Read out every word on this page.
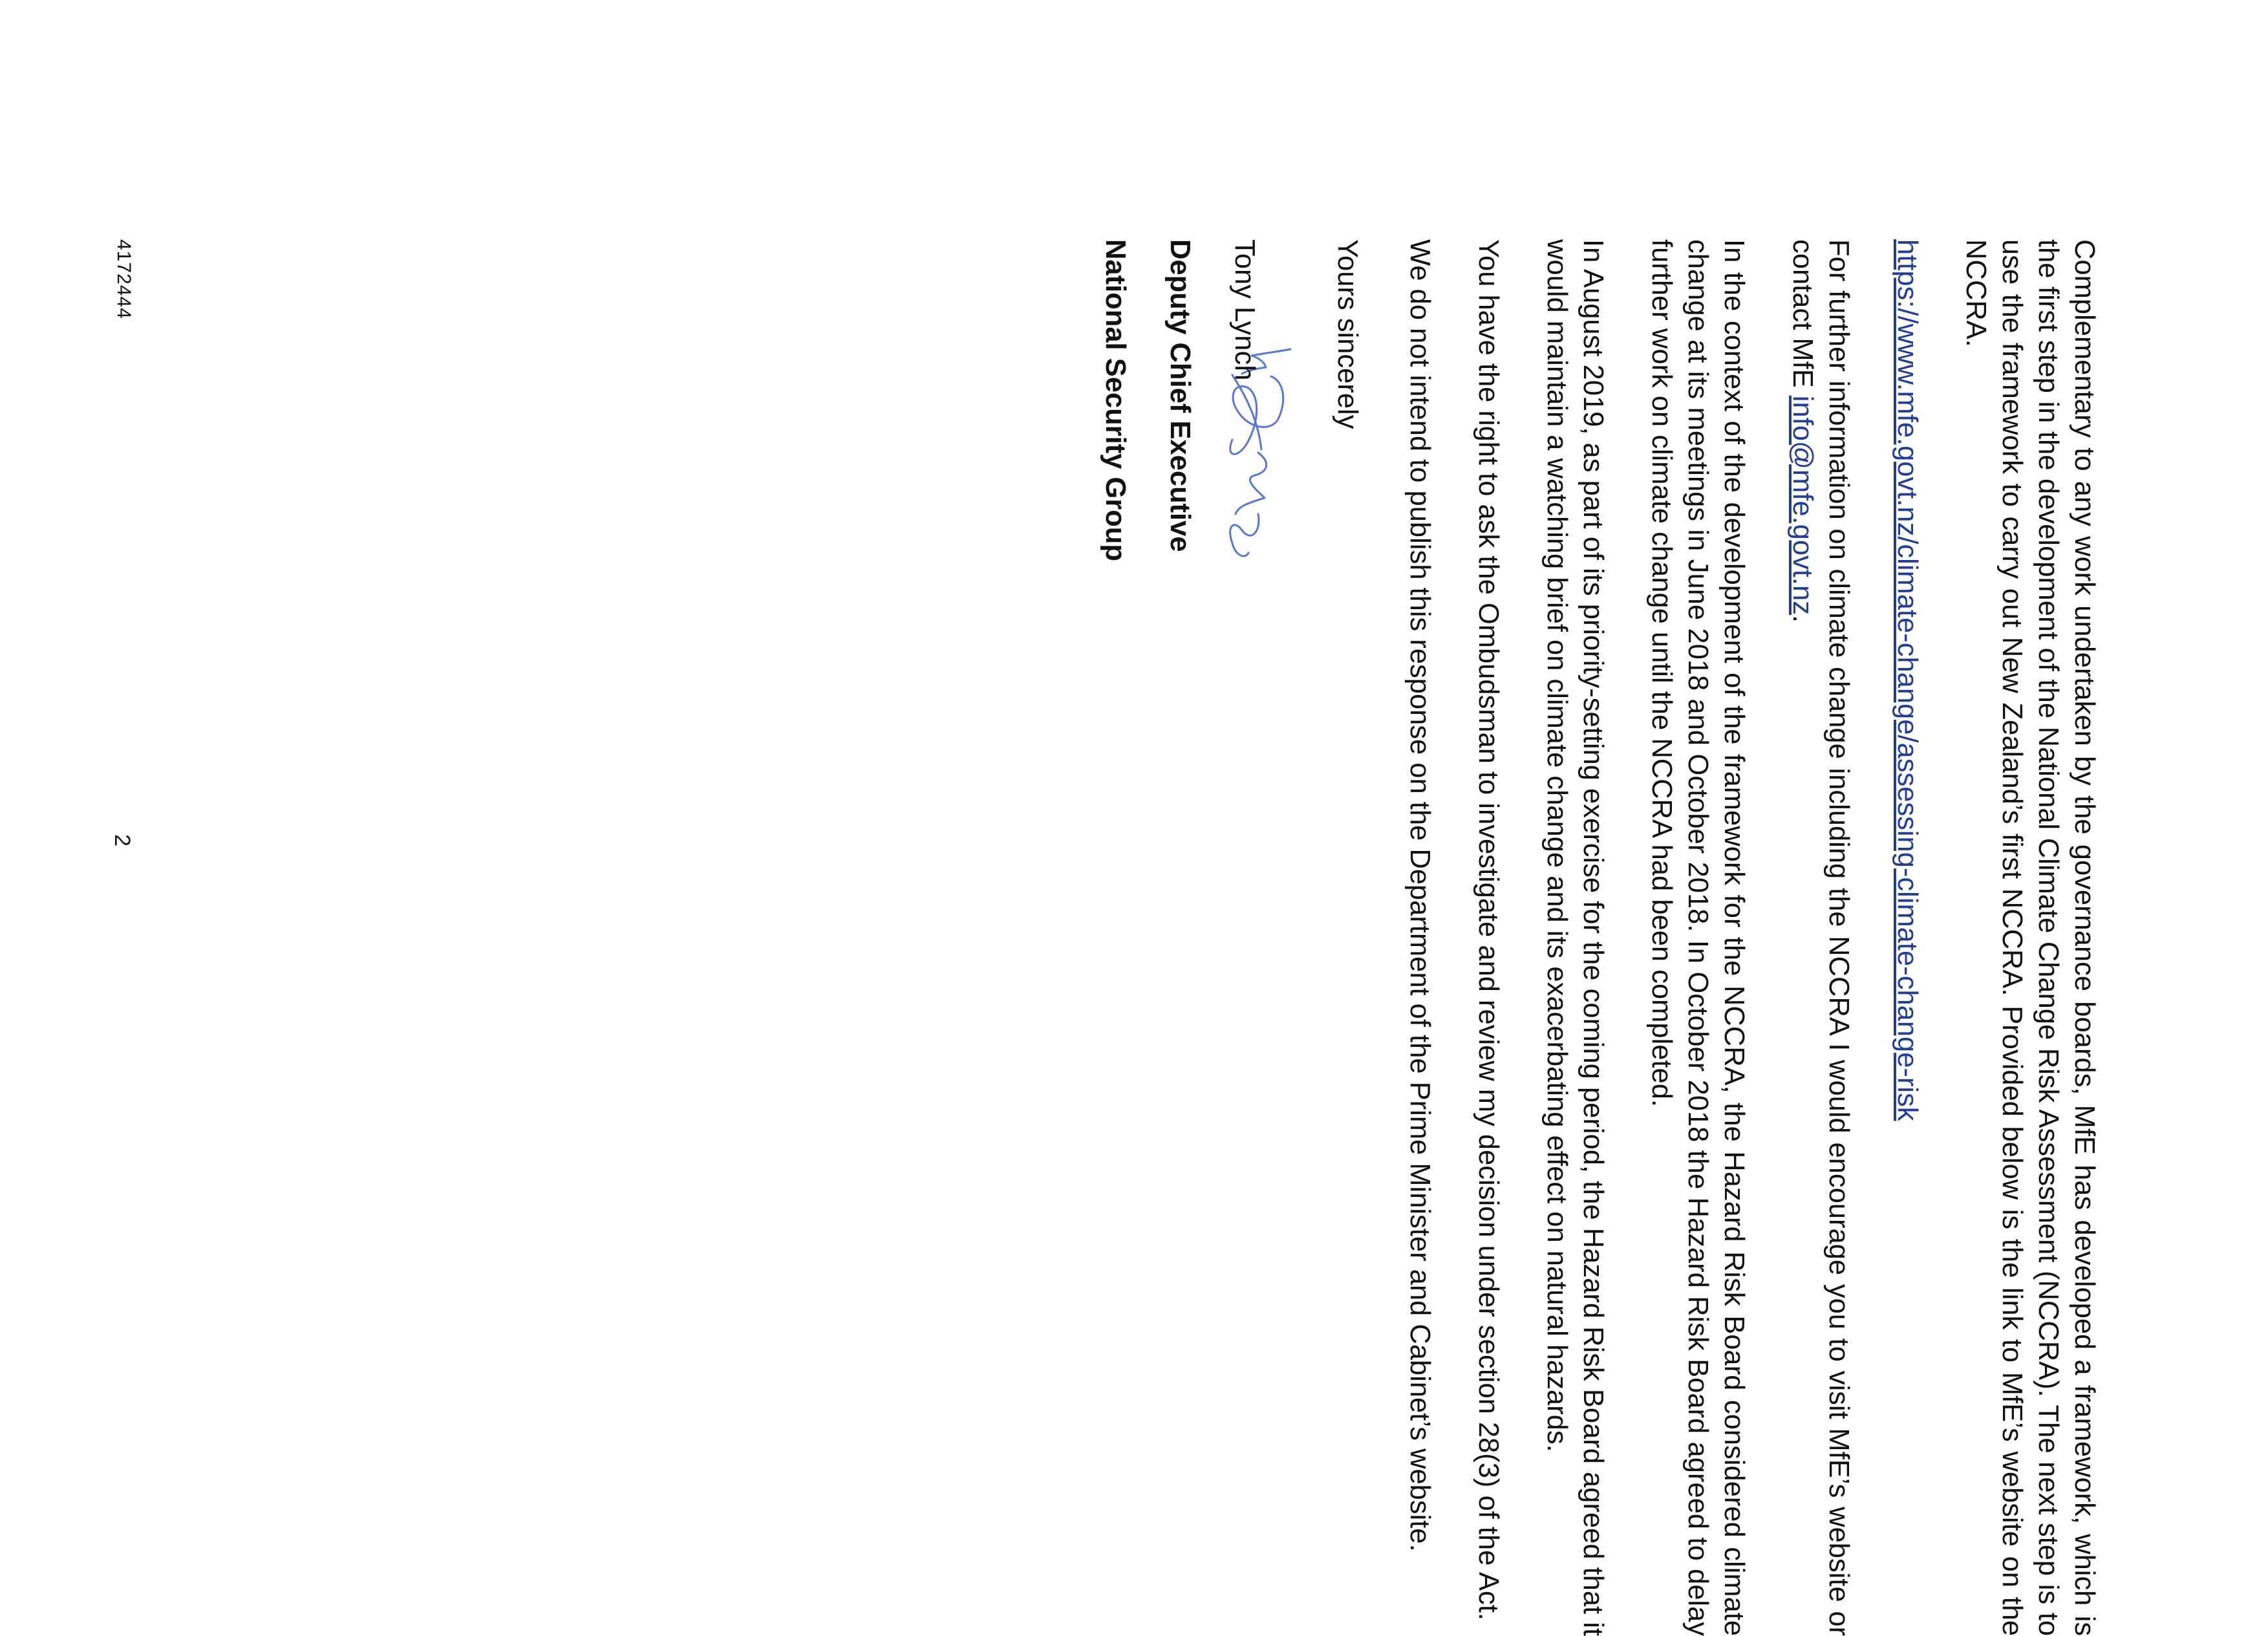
Complementary to any work undertaken by the governance boards, MfE has developed a framework, which is the first step in the development of the National Climate Change Risk Assessment (NCCRA). The next step is to use the framework to carry out New Zealand’s first NCCRA. Provided below is the link to MfE’s website on the NCCRA.

https://www.mfe.govt.nz/climate-change/assessing-climate-change-risk

For further information on climate change including the NCCRA I would encourage you to visit MfE’s website or contact MfE info@mfe.govt.nz.

In the context of the development of the framework for the NCCRA, the Hazard Risk Board considered climate change at its meetings in June 2018 and October 2018. In October 2018 the Hazard Risk Board agreed to delay further work on climate change until the NCCRA had been completed.

In August 2019, as part of its priority-setting exercise for the coming period, the Hazard Risk Board agreed that it would maintain a watching brief on climate change and its exacerbating effect on natural hazards.

You have the right to ask the Ombudsman to investigate and review my decision under section 28(3) of the Act.

We do not intend to publish this response on the Department of the Prime Minister and Cabinet’s website.

Yours sincerely

Tony Lynch

Deputy Chief Executive

National Security Group

4172444
2
